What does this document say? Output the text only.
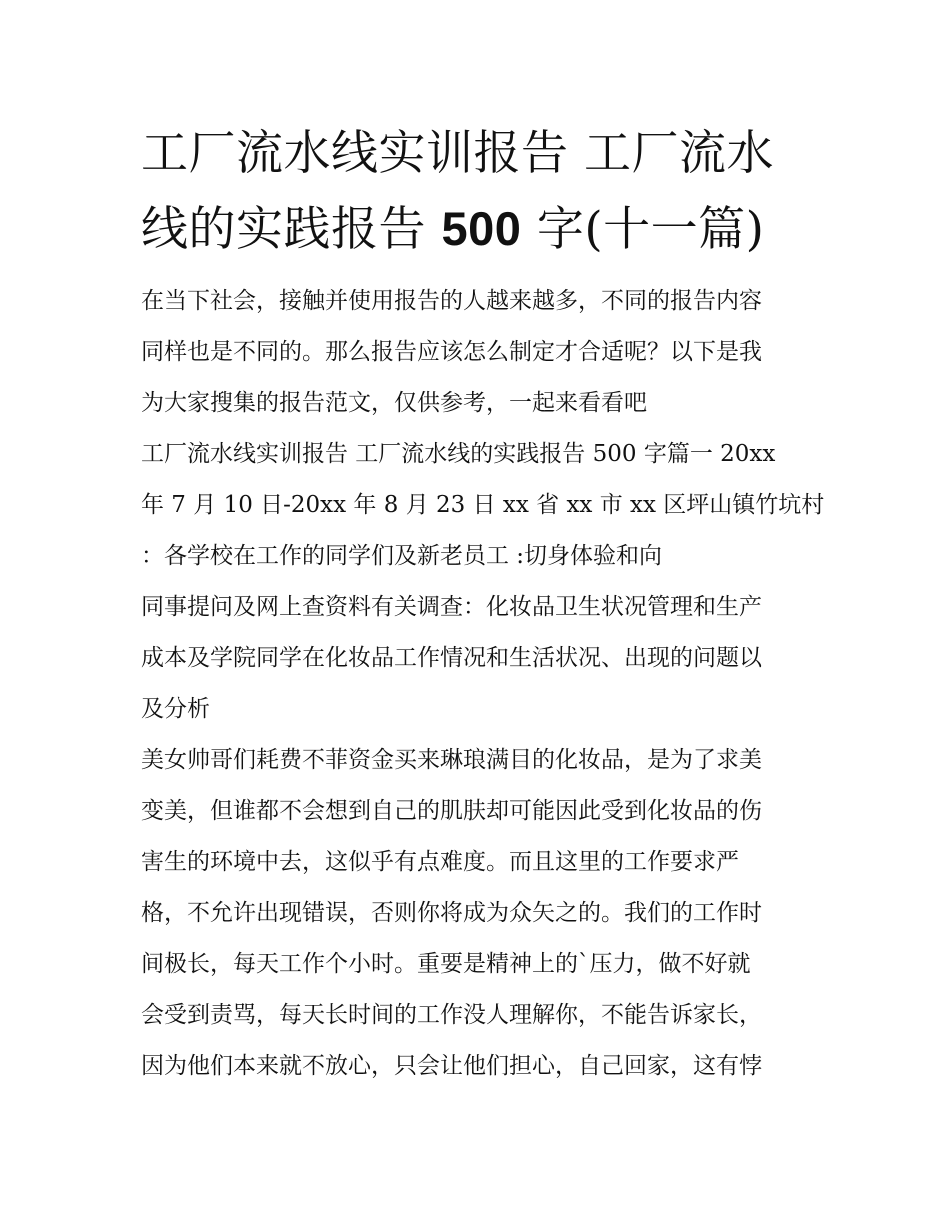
工厂流水线实训报告 工厂流水
线的实践报告 500 字(十一篇)

在当下社会，接触并使用报告的人越来越多，不同的报告内容

同样也是不同的。那么报告应该怎么制定才合适呢？以下是我

为大家搜集的报告范文，仅供参考，一起来看看吧

工厂流水线实训报告 工厂流水线的实践报告 500 字篇一 20xx

年 7 月 10 日-20xx 年 8 月 23 日 xx 省 xx 市 xx 区坪山镇竹坑村

：各学校在工作的同学们及新老员工 :切身体验和向

同事提问及网上查资料有关调查：化妆品卫生状况管理和生产

成本及学院同学在化妆品工作情况和生活状况、出现的问题以

及分析

美女帅哥们耗费不菲资金买来琳琅满目的化妆品，是为了求美

变美，但谁都不会想到自己的肌肤却可能因此受到化妆品的伤

害生的环境中去，这似乎有点难度。而且这里的工作要求严

格，不允许出现错误，否则你将成为众矢之的。我们的工作时

间极长，每天工作个小时。重要是精神上的`压力，做不好就

会受到责骂，每天长时间的工作没人理解你，不能告诉家长，

因为他们本来就不放心，只会让他们担心，自己回家，这有悖
